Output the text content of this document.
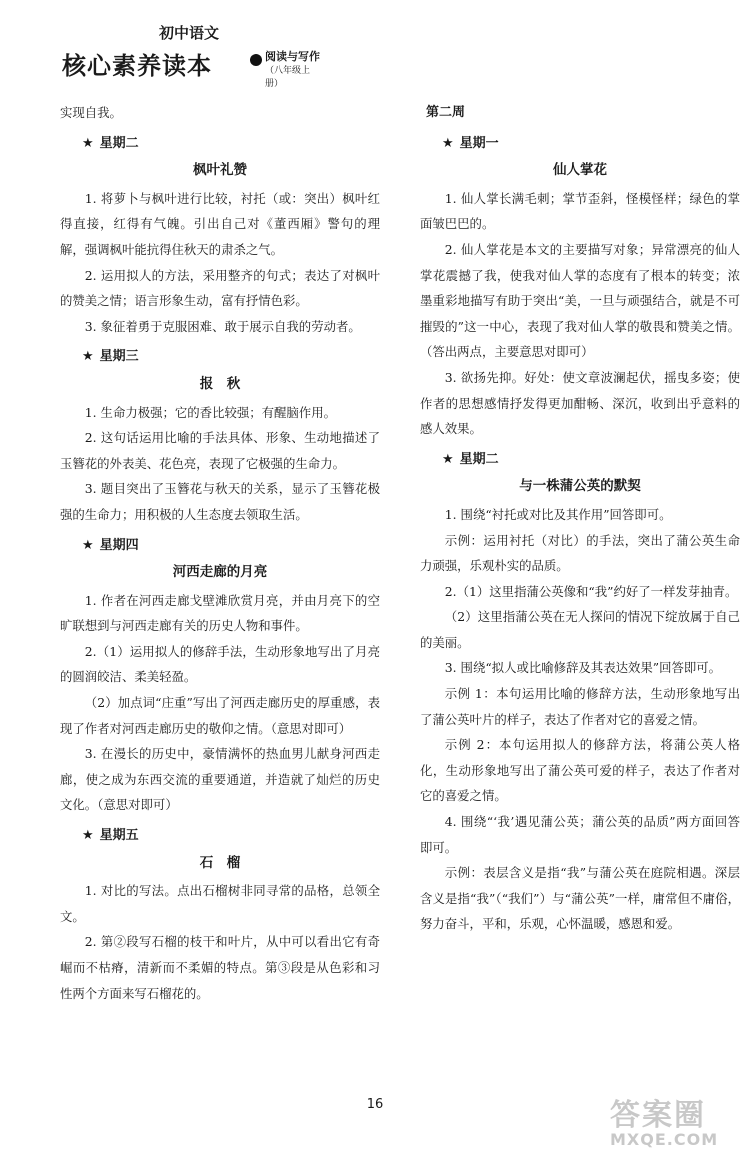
初中语文
核心素养读本	阅读与写作
（八年级上册）

实现自我。

★ 星期二
枫叶礼赞

1. 将萝卜与枫叶进行比较，衬托（或：突出）枫叶红得直接，红得有气魄。引出自己对《董西厢》警句的理解，强调枫叶能抗得住秋天的肃杀之气。

2. 运用拟人的方法，采用整齐的句式；表达了对枫叶的赞美之情；语言形象生动，富有抒情色彩。

3. 象征着勇于克服困难、敢于展示自我的劳动者。

★ 星期三
报　秋

1. 生命力极强；它的香比较强；有醒脑作用。

2. 这句话运用比喻的手法具体、形象、生动地描述了玉簪花的外表美、花色亮，表现了它极强的生命力。

3. 题目突出了玉簪花与秋天的关系，显示了玉簪花极强的生命力；用积极的人生态度去领取生活。

★ 星期四
河西走廊的月亮

1. 作者在河西走廊戈壁滩欣赏月亮，并由月亮下的空旷联想到与河西走廊有关的历史人物和事件。

2.（1）运用拟人的修辞手法，生动形象地写出了月亮的圆润皎洁、柔美轻盈。

（2）加点词“庄重”写出了河西走廊历史的厚重感，表现了作者对河西走廊历史的敬仰之情。（意思对即可）

3. 在漫长的历史中，豪情满怀的热血男儿献身河西走廊，使之成为东西交流的重要通道，并造就了灿烂的历史文化。（意思对即可）

★ 星期五
石　榴

1. 对比的写法。点出石榴树非同寻常的品格，总领全文。

2. 第②段写石榴的枝干和叶片，从中可以看出它有奇崛而不枯瘠，清新而不柔媚的特点。第③段是从色彩和习性两个方面来写石榴花的。

第二周
★ 星期一
仙人掌花

1. 仙人掌长满毛刺；掌节歪斜，怪模怪样；绿色的掌面皱巴巴的。

2. 仙人掌花是本文的主要描写对象；异常漂亮的仙人掌花震撼了我，使我对仙人掌的态度有了根本的转变；浓墨重彩地描写有助于突出“美，一旦与顽强结合，就是不可摧毁的”这一中心，表现了我对仙人掌的敬畏和赞美之情。（答出两点，主要意思对即可）

3. 欲扬先抑。好处：使文章波澜起伏，摇曳多姿；使作者的思想感情抒发得更加酣畅、深沉，收到出乎意料的感人效果。

★ 星期二
与一株蒲公英的默契

1. 围绕“衬托或对比及其作用”回答即可。

示例：运用衬托（对比）的手法，突出了蒲公英生命力顽强，乐观朴实的品质。

2.（1）这里指蒲公英像和“我”约好了一样发芽抽青。

（2）这里指蒲公英在无人探问的情况下绽放属于自己的美丽。

3. 围绕“拟人或比喻修辞及其表达效果”回答即可。

示例 1：本句运用比喻的修辞方法，生动形象地写出了蒲公英叶片的样子，表达了作者对它的喜爱之情。

示例 2：本句运用拟人的修辞方法，将蒲公英人格化，生动形象地写出了蒲公英可爱的样子，表达了作者对它的喜爱之情。

4. 围绕“‘我’遇见蒲公英；蒲公英的品质”两方面回答即可。

示例：表层含义是指“我”与蒲公英在庭院相遇。深层含义是指“我”（“我们”）与“蒲公英”一样，庸常但不庸俗，努力奋斗，平和，乐观，心怀温暖，感恩和爱。

16	答案圈
MXQE.COM
